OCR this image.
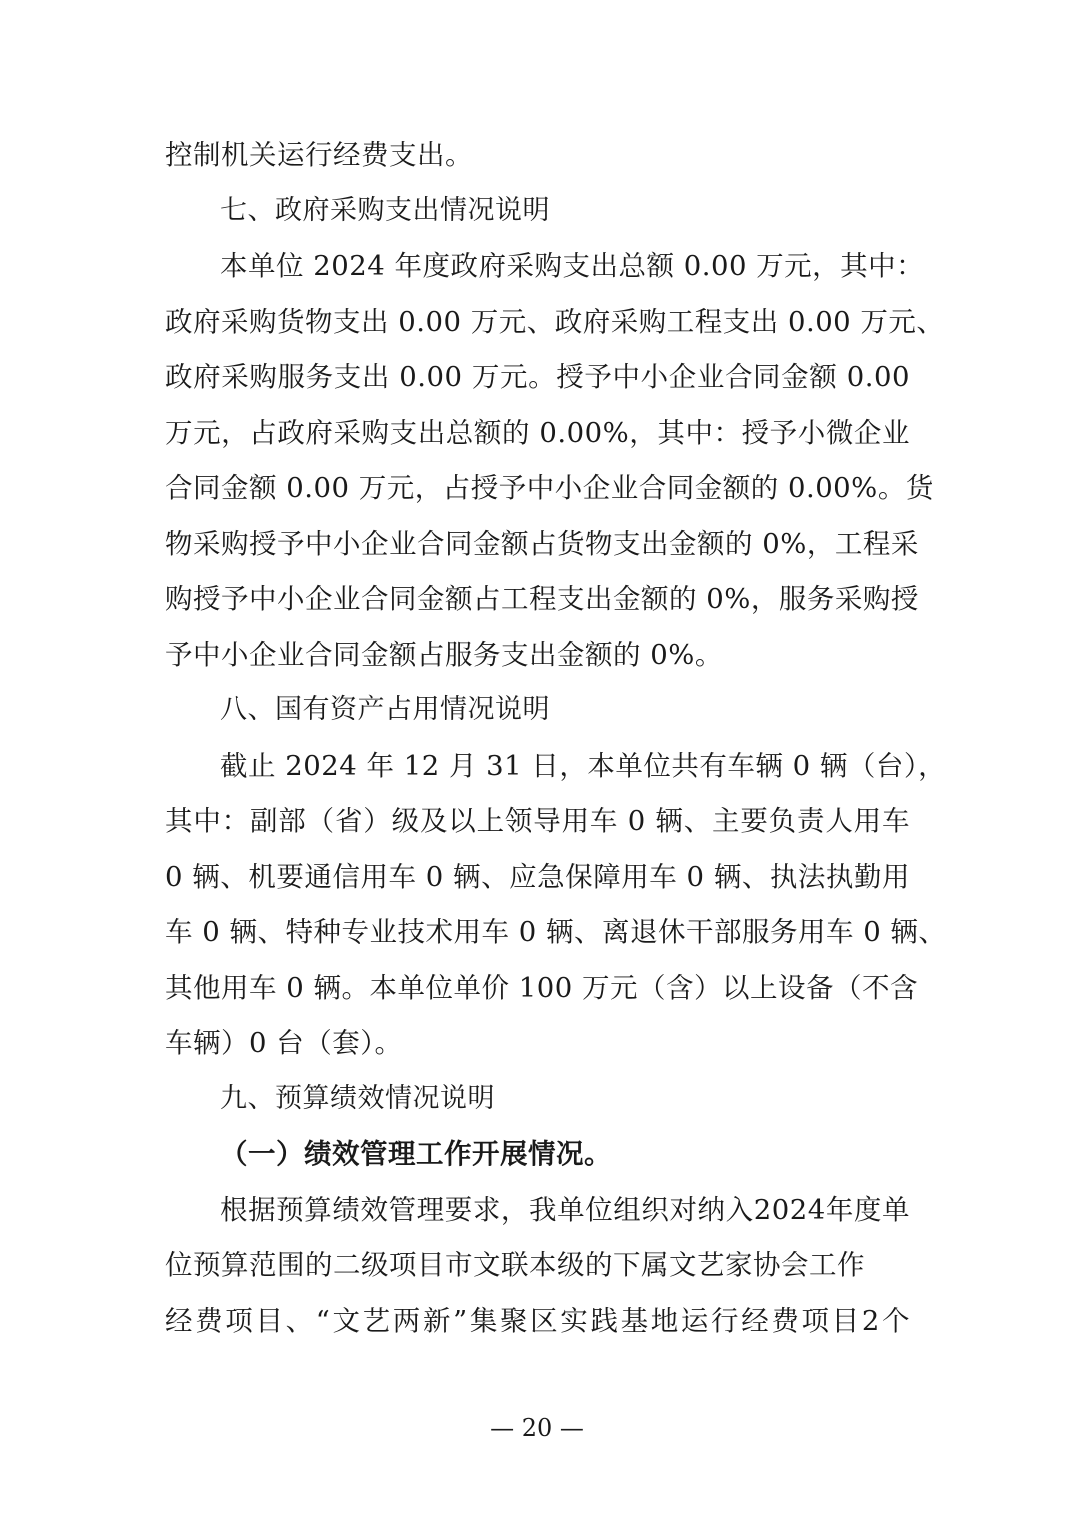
控制机关运行经费支出。
七、政府采购支出情况说明
本单位 2024 年度政府采购支出总额 0.00 万元，其中：
政府采购货物支出 0.00 万元、政府采购工程支出 0.00 万元、
政府采购服务支出 0.00 万元。授予中小企业合同金额 0.00
万元，占政府采购支出总额的 0.00%，其中：授予小微企业
合同金额 0.00 万元，占授予中小企业合同金额的 0.00%。货
物采购授予中小企业合同金额占货物支出金额的 0%，工程采
购授予中小企业合同金额占工程支出金额的 0%，服务采购授
予中小企业合同金额占服务支出金额的 0%。
八、国有资产占用情况说明
截止 2024 年 12 月 31 日，本单位共有车辆 0 辆（台），
其中：副部（省）级及以上领导用车 0 辆、主要负责人用车
0 辆、机要通信用车 0 辆、应急保障用车 0 辆、执法执勤用
车 0 辆、特种专业技术用车 0 辆、离退休干部服务用车 0 辆、
其他用车 0 辆。本单位单价 100 万元（含）以上设备（不含
车辆）0 台（套）。
九、预算绩效情况说明
（一）绩效管理工作开展情况。
根据预算绩效管理要求，我单位组织对纳入2024年度单
位预算范围的二级项目市文联本级的下属文艺家协会工作
经费项目、“文艺两新”集聚区实践基地运行经费项目2个
— 20 —
